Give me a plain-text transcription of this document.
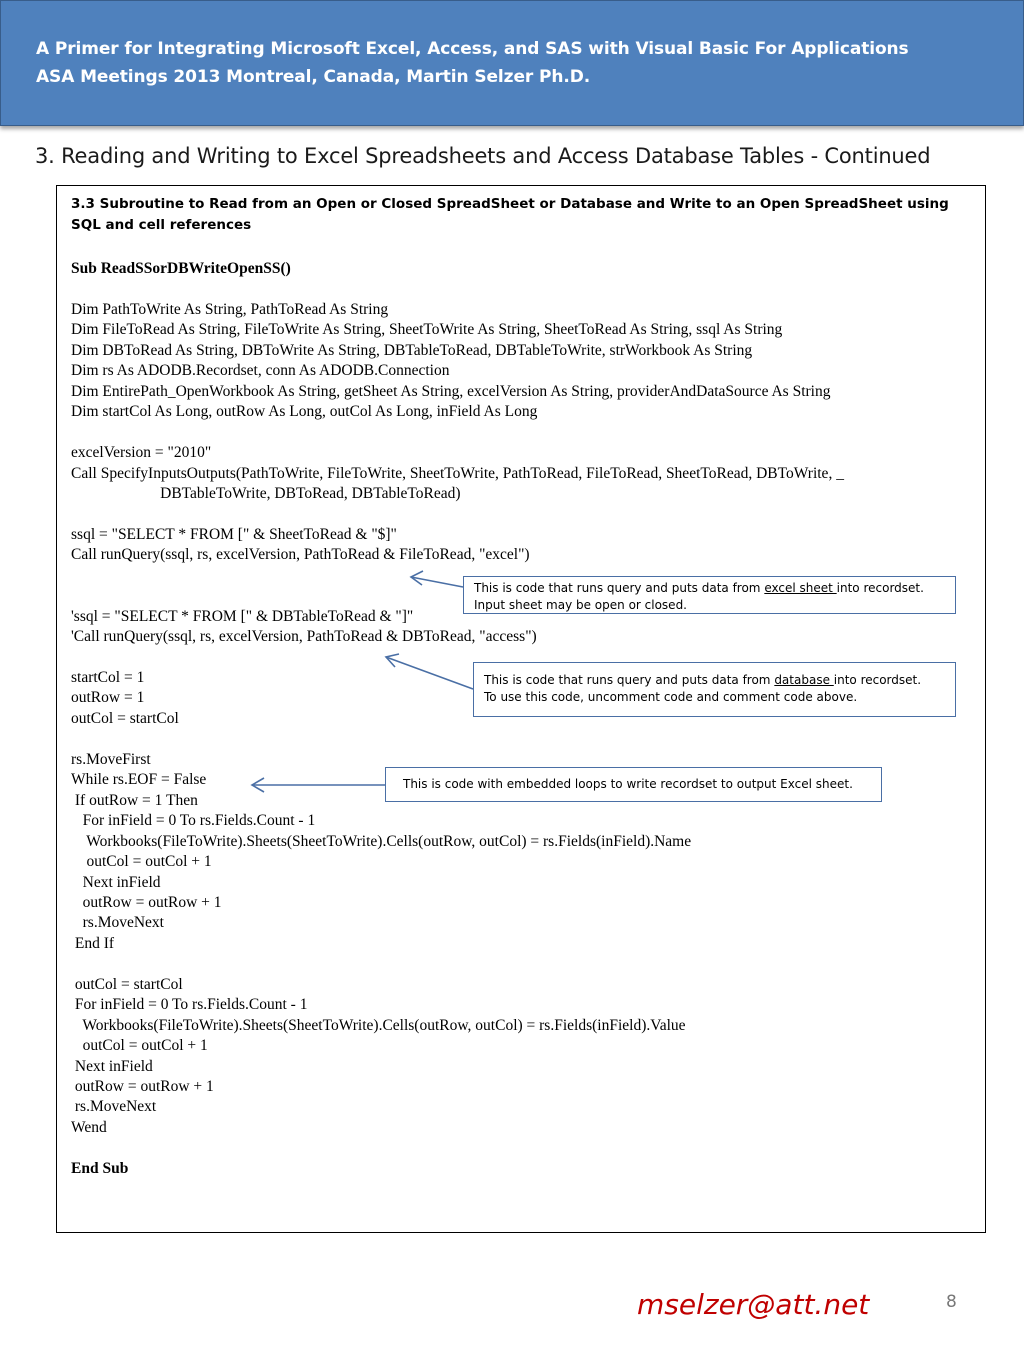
A Primer for Integrating Microsoft Excel, Access, and SAS with Visual Basic For Applications
ASA Meetings 2013 Montreal, Canada, Martin Selzer Ph.D.
3. Reading and Writing to Excel Spreadsheets and Access Database Tables - Continued
3.3 Subroutine to Read from an Open or Closed SpreadSheet or Database and Write to an Open SpreadSheet using SQL and cell references
Sub ReadSSorDBWriteOpenSS()
Dim PathToWrite As String, PathToRead As String
Dim FileToRead As String, FileToWrite As String, SheetToWrite As String, SheetToRead As String, ssql As String
Dim DBToRead As String, DBToWrite As String, DBTableToRead, DBTableToWrite, strWorkbook As String
Dim rs As ADODB.Recordset, conn As ADODB.Connection
Dim EntirePath_OpenWorkbook As String, getSheet As String, excelVersion As String, providerAndDataSource As String
Dim startCol As Long, outRow As Long, outCol As Long, inField As Long
excelVersion = "2010"
Call SpecifyInputsOutputs(PathToWrite, FileToWrite, SheetToWrite, PathToRead, FileToRead, SheetToRead, DBToWrite, _
DBTableToWrite, DBToRead, DBTableToRead)
ssql = "SELECT * FROM [" & SheetToRead & "$]"
Call runQuery(ssql, rs, excelVersion, PathToRead & FileToRead, "excel")
'ssql = "SELECT * FROM [" & DBTableToRead & "]"
'Call runQuery(ssql, rs, excelVersion, PathToRead & DBToRead, "access")
startCol = 1
outRow = 1
outCol = startCol
rs.MoveFirst
While rs.EOF = False
If outRow = 1 Then
For inField = 0 To rs.Fields.Count - 1
Workbooks(FileToWrite).Sheets(SheetToWrite).Cells(outRow, outCol) = rs.Fields(inField).Name
outCol = outCol + 1
Next inField
outRow = outRow + 1
rs.MoveNext
End If
outCol = startCol
For inField = 0 To rs.Fields.Count - 1
Workbooks(FileToWrite).Sheets(SheetToWrite).Cells(outRow, outCol) = rs.Fields(inField).Value
outCol = outCol + 1
Next inField
outRow = outRow + 1
rs.MoveNext
Wend
End Sub
This is code that runs query and puts data from excel sheet into recordset.
Input sheet may be open or closed.
This is code that runs query and puts data from database into recordset.
To use this code, uncomment code and comment code above.
This is code with embedded loops to write recordset to output Excel sheet.
mselzer@att.net	8
